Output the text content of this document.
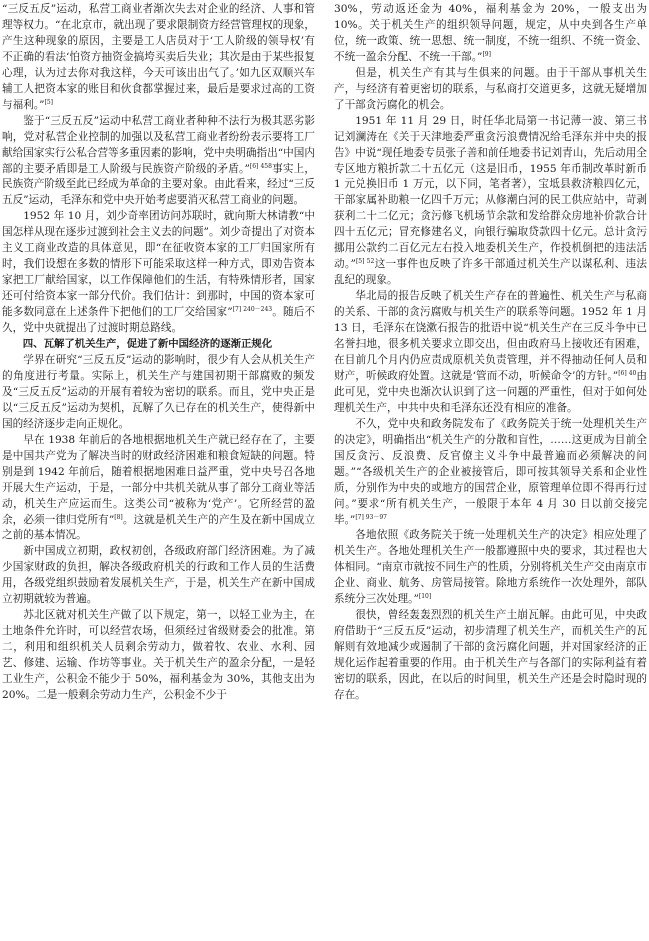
“三反五反”运动，私营工商业者渐次失去对企业的经济、人事和管理等权力。“在北京市，就出现了要求限制资方经营管理权的现象，产生这种现象的原因，主要是工人店员对于‘工人阶级的领导权’有不正确的看法‘怕资方抽资金搞垮买卖后失业；其次是由于某些报复心理，认为过去你对我这样，今天可该出出气了。’如九区双顺兴车辅工人把资本家的账目和伙食都掌握过来，最后是要求过高的工资与福利。”[5]

鉴于“三反五反”运动中私营工商业者种种不法行为极其恶劣影响，党对私营企业控制的加强以及私营工商业者纷纷表示要将工厂献给国家实行公私合营等多重因素的影响，党中央明确指出“中国内部的主要矛盾即是工人阶级与民族资产阶级的矛盾。”$^{[6] 458}$事实上，民族资产阶级至此已经成为革命的主要对象。由此看来，经过“三反五反”运动，毛泽东和党中央开始考虑要消灭私营工商业的问题。

1952 年 10 月，刘少奇率团访问苏联时，就向斯大林请教“中国怎样从现在逐步过渡到社会主义去的问题”。刘少奇提出了对资本主义工商业改造的具体意见，即“在征收资本家的工厂归国家所有时，我们设想在多数的情形下可能采取这样一种方式，即劝告资本家把工厂献给国家，以工作保障他们的生活，有特殊情形者，国家还可付给资本家一部分代价。我们估计：到那时，中国的资本家可能多数同意在上述条件下把他们的工厂交给国家”$^{[7] 240-243}$。随后不久，党中央就提出了过渡时期总路线。

四、瓦解了机关生产，促进了新中国经济的逐渐正规化

学界在研究“三反五反”运动的影响时，很少有人会从机关生产的角度进行考量。实际上，机关生产与建国初期干部腐败的频发及“三反五反”运动的开展有着较为密切的联系。而且，党中央正是以“三反五反”运动为契机，瓦解了久已存在的机关生产，使得新中国的经济逐步走向正规化。

早在 1938 年前后的各地根据地机关生产就已经存在了，主要是中国共产党为了解决当时的财政经济困难和粮食短缺的问题。特别是到 1942 年前后，随着根据地困难日益严重，党中央号召各地开展大生产运动，于是，一部分中共机关就从事了部分工商业等活动，机关生产应运而生。这类公司“被称为‘党产’。它所经营的盈余，必须一律归党所有”[8]。这就是机关生产的产生及在新中国成立之前的基本情况。

新中国成立初期，政权初创，各级政府部门经济困难。为了减少国家财政的负担，解决各级政府机关的行政和工作人员的生活费用，各级党组织鼓励着发展机关生产，于是，机关生产在新中国成立初期就较为普遍。

苏北区就对机关生产做了以下规定，第一，以轻工业为主，在土地条件允许时，可以经营农场，但须经过省级财委会的批准。第二，利用和组织机关人员剩余劳动力，做着牧、农业、水利、园艺、修建、运输、作坊等事业。关于机关生产的盈余分配，一是轻工业生产，公积金不能少于 50%，福利基金为 30%，其他支出为 20%。二是一般剩余劳动力生产，公积金不少于

30%，劳动返还金为 40%，福利基金为 20%，一般支出为 10%。关于机关生产的组织领导问题，规定，从中央到各生产单位，统一政策、统一思想、统一制度，不统一组织、不统一资金、不统一盈余分配、不统一干部。”[9]

但是，机关生产有其与生俱来的问题。由于干部从事机关生产，与经济有着更密切的联系，与私商打交道更多，这就无疑增加了干部贪污腐化的机会。

1951 年 11 月 29 日，时任华北局第一书记薄一波、第三书记刘澜涛在《关于天津地委严重贪污浪费情况给毛泽东并中央的报告》中说“现任地委专员张子善和前任地委书记刘青山，先后动用全专区地方粮折款二十五亿元（这是旧币，1955 年币制改革时新币 1 元兑换旧币 1 万元，以下同，笔者著），宝坻县救济粮四亿元，干部家属补助粮一亿四千万元；从修潮白河的民工供应站中，苛剥获利二十二亿元；贪污修飞机场节余款和发给群众房地补价款合计四十五亿元；冒充修建名义，向银行骗取贷款四十亿元。总计贪污挪用公款约二百亿元左右投入地委机关生产，作投机倒把的违法活动。”$^{[5] 52}$这一事件也反映了许多干部通过机关生产以谋私利、违法乱纪的现象。

华北局的报告反映了机关生产存在的普遍性、机关生产与私商的关系、干部的贪污腐败与机关生产的联系等问题。1952 年 1 月 13 日，毛泽东在饶漱石报告的批语中说“机关生产在三反斗争中已名誉扫地，很多机关要求立即交出，但由政府马上接收还有困难，在目前几个月内仍应责成原机关负责管理，并不得抽动任何人员和财产，听候政府处置。这就是‘管而不动，听候命令’的方针。”$^{[6] 40}$由此可见，党中央也渐次认识到了这一问题的严重性，但对于如何处理机关生产，中共中央和毛泽东还没有相应的准备。

不久，党中央和政务院发布了《政务院关于统一处理机关生产的决定》，明确指出“机关生产的分散和盲性，……这更成为目前全国反贪污、反浪费、反官僚主义斗争中最普遍而必须解决的问题。”“各级机关生产的企业被接管后，即可按其领导关系和企业性质，分别作为中央的或地方的国营企业，原管理单位即不得再行过问。”要求“所有机关生产，一般限于本年 4 月 30 日以前交接完毕。”$^{[7] 93-97}$

各地依照《政务院关于统一处理机关生产的决定》相应处理了机关生产。各地处理机关生产一般都遵照中央的要求，其过程也大体相同。“南京市就按不同生产的性质，分别将机关生产交由南京市企业、商业、航务、房管局接管。除地方系统作一次处理外，部队系统分三次处理。”[10]

很快，曾经轰轰烈烈的机关生产土崩瓦解。由此可见，中央政府借助于“三反五反”运动，初步清理了机关生产，而机关生产的瓦解则有效地减少或遏制了干部的贪污腐化问题，并对国家经济的正规化运作起着重要的作用。由于机关生产与各部门的实际利益有着密切的联系，因此，在以后的时间里，机关生产还是会时隐时现的存在。
